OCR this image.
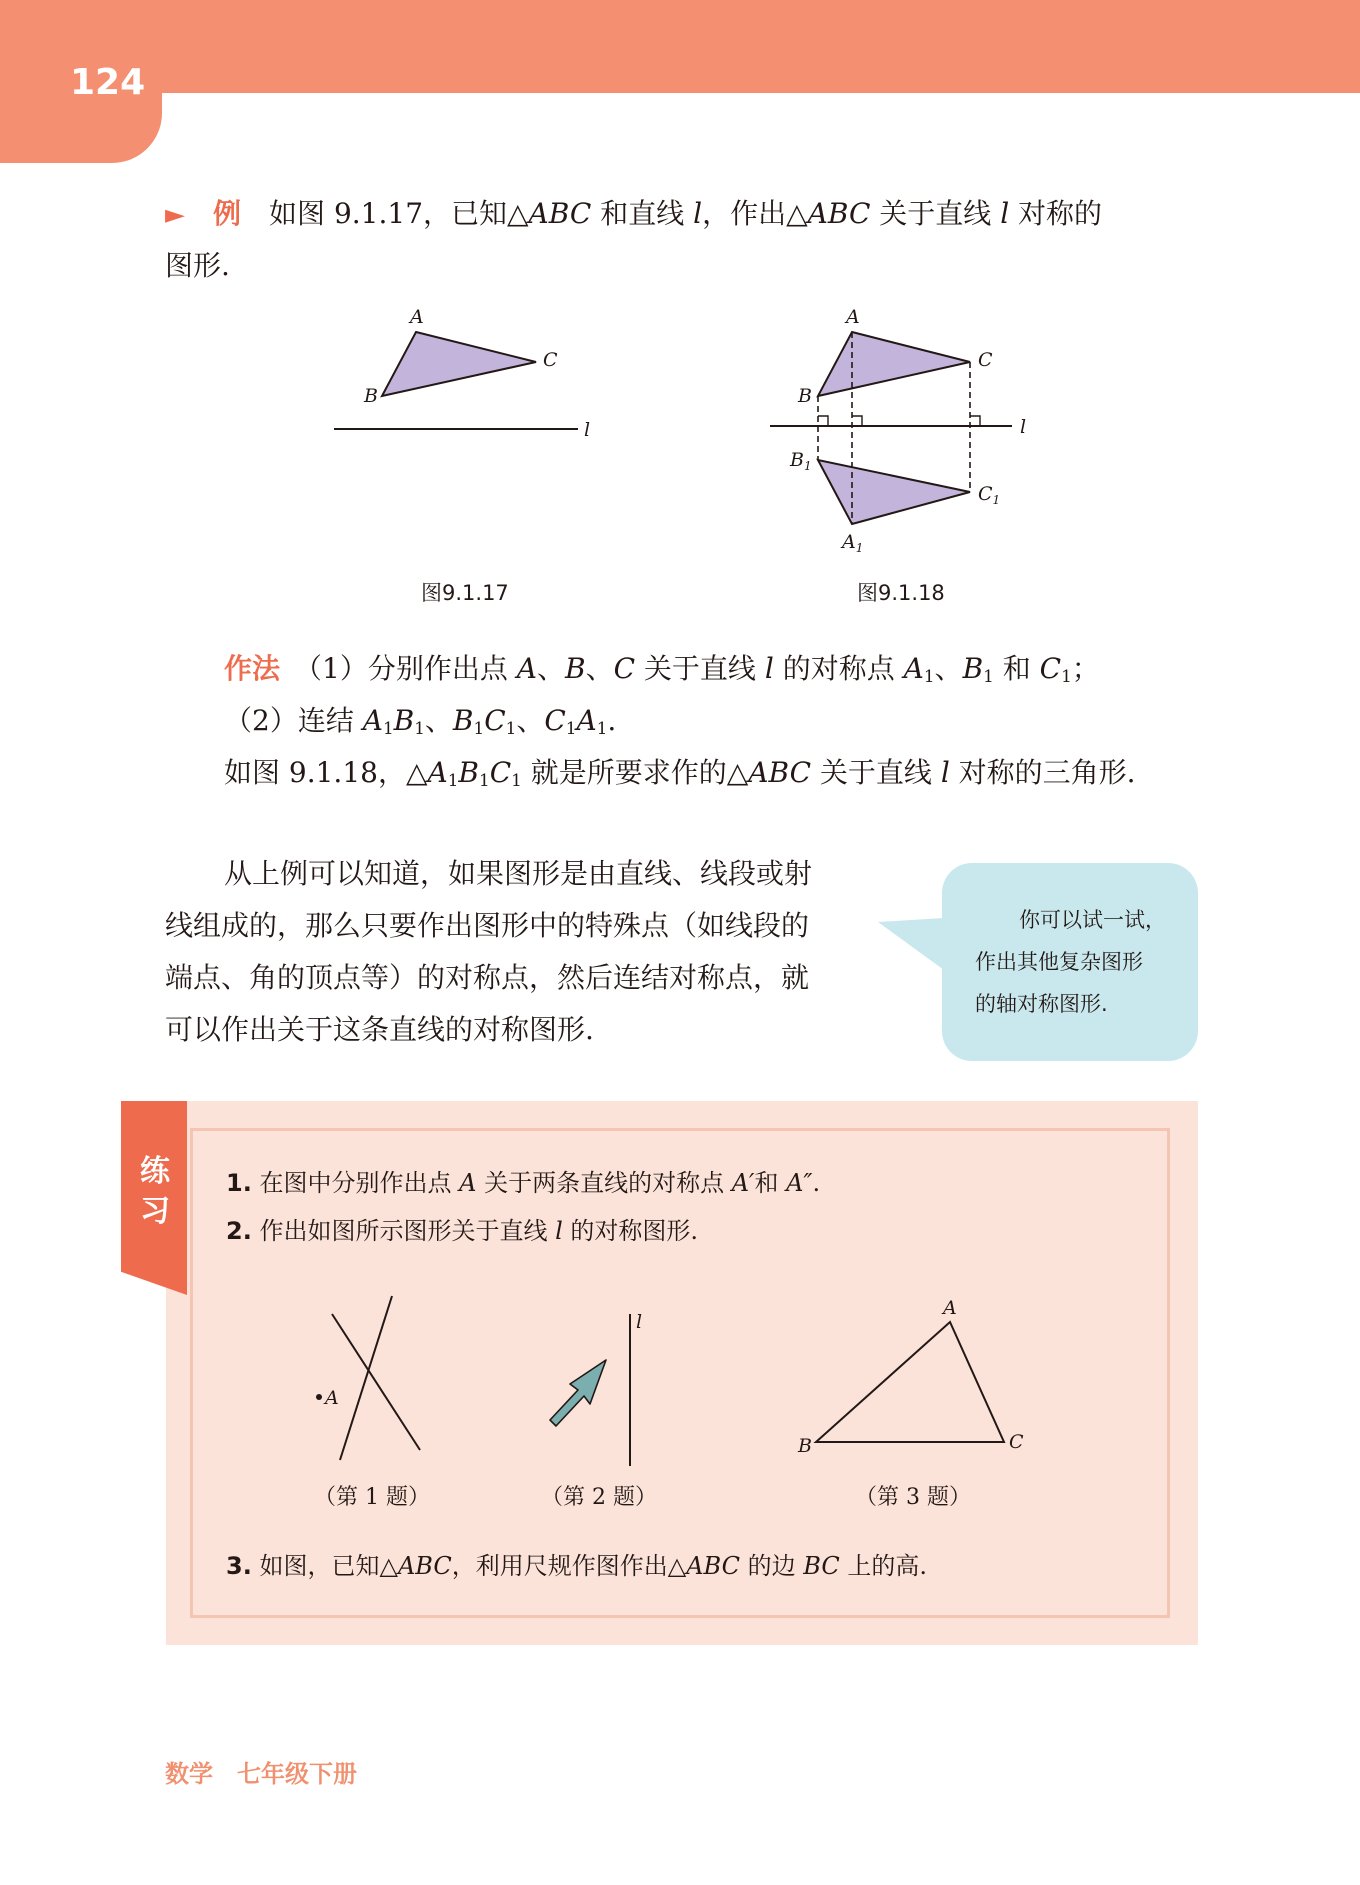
124

►　 例　 如图 9.1.17，已知△ABC 和直线 l，作出△ABC 关于直线 l 对称的

图形.

A
B
C
l
图9.1.17
A
B
C
l
$B_1$
$C_1$
$A_1$
图9.1.18

作法　 （1）分别作出点 A、B、C 关于直线 l 的对称点 $A_1$、$B_1$ 和 $C_1$；

（2）连结 $A_1B_1$、$B_1C_1$、$C_1A_1$.

如图 9.1.18，$\triangle A_1B_1C_1$ 就是所要求作的△ABC 关于直线 l 对称的三角形.

从上例可以知道，如果图形是由直线、线段或射

线组成的，那么只要作出图形中的特殊点（如线段的

端点、角的顶点等）的对称点，然后连结对称点，就

可以作出关于这条直线的对称图形.

你可以试一试，
作出其他复杂图形
的轴对称图形.
练
习
1. 在图中分别作出点 A 关于两条直线的对称点 A′和 A″.
2. 作出如图所示图形关于直线 l 的对称图形.
A
（第 1 题）
l
（第 2 题）
A
B	C
（第 3 题）
3. 如图，已知△ABC，利用尺规作图作出△ABC 的边 BC 上的高.
数学　七年级下册
